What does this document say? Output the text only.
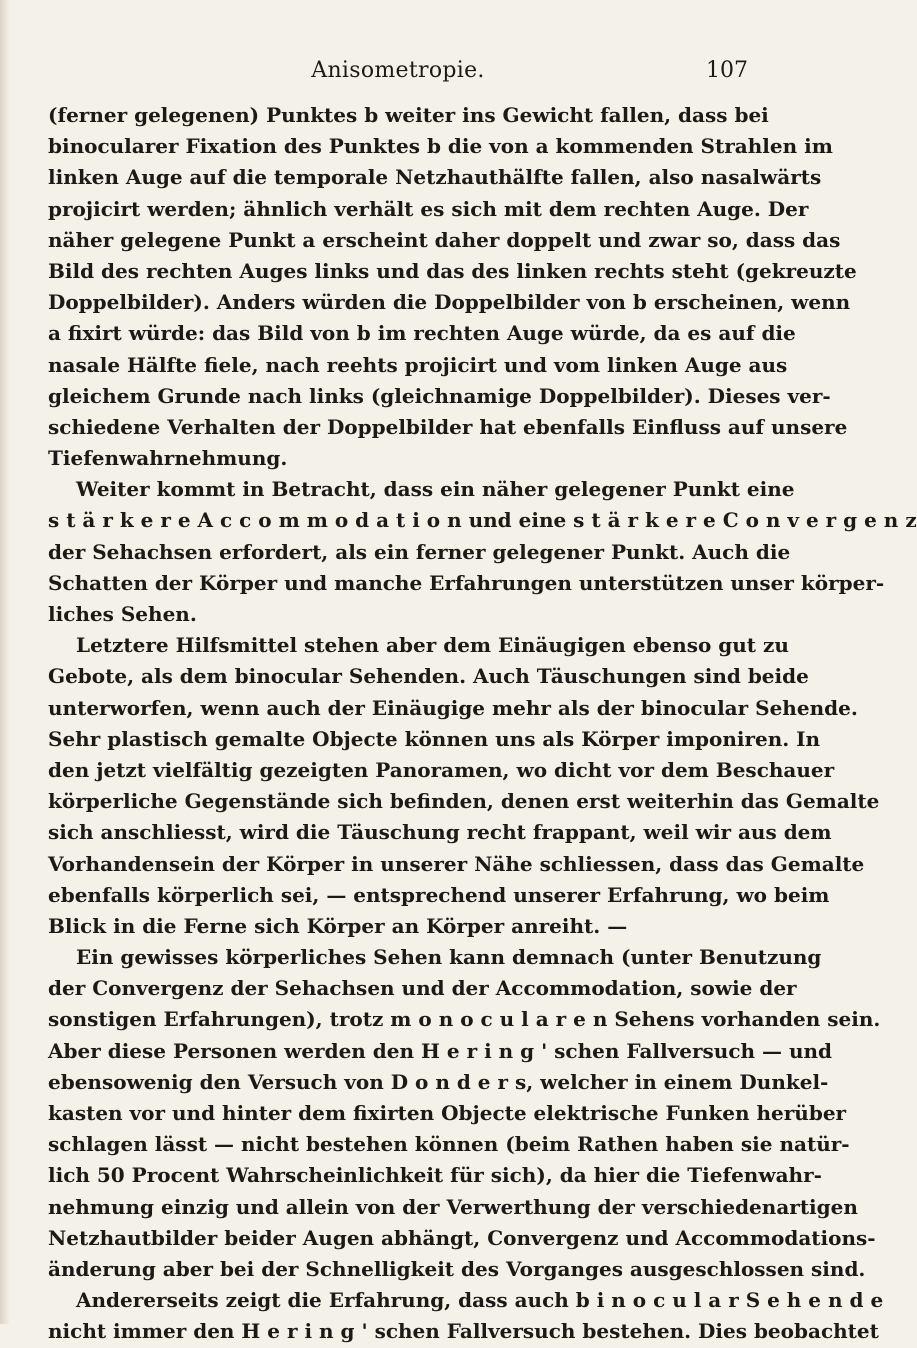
Anisometropie.	107
(ferner gelegenen) Punktes b weiter ins Gewicht fallen, dass bei
binocularer Fixation des Punktes b die von a kommenden Strahlen im
linken Auge auf die temporale Netzhauthälfte fallen, also nasalwärts
projicirt werden; ähnlich verhält es sich mit dem rechten Auge. Der
näher gelegene Punkt a erscheint daher doppelt und zwar so, dass das
Bild des rechten Auges links und das des linken rechts steht (gekreuzte
Doppelbilder). Anders würden die Doppelbilder von b erscheinen, wenn
a fixirt würde: das Bild von b im rechten Auge würde, da es auf die
nasale Hälfte fiele, nach reehts projicirt und vom linken Auge aus
gleichem Grunde nach links (gleichnamige Doppelbilder). Dieses ver-
schiedene Verhalten der Doppelbilder hat ebenfalls Einfluss auf unsere
Tiefenwahrnehmung.
Weiter kommt in Betracht, dass ein näher gelegener Punkt eine
s t ä r k e r e A c c o m m o d a t i o n und eine s t ä r k e r e C o n v e r g e n z
der Sehachsen erfordert, als ein ferner gelegener Punkt. Auch die
Schatten der Körper und manche Erfahrungen unterstützen unser körper-
liches Sehen.
Letztere Hilfsmittel stehen aber dem Einäugigen ebenso gut zu
Gebote, als dem binocular Sehenden. Auch Täuschungen sind beide
unterworfen, wenn auch der Einäugige mehr als der binocular Sehende.
Sehr plastisch gemalte Objecte können uns als Körper imponiren. In
den jetzt vielfältig gezeigten Panoramen, wo dicht vor dem Beschauer
körperliche Gegenstände sich befinden, denen erst weiterhin das Gemalte
sich anschliesst, wird die Täuschung recht frappant, weil wir aus dem
Vorhandensein der Körper in unserer Nähe schliessen, dass das Gemalte
ebenfalls körperlich sei, — entsprechend unserer Erfahrung, wo beim
Blick in die Ferne sich Körper an Körper anreiht. —
Ein gewisses körperliches Sehen kann demnach (unter Benutzung
der Convergenz der Sehachsen und der Accommodation, sowie der
sonstigen Erfahrungen), trotz m o n o c u l a r e n Sehens vorhanden sein.
Aber diese Personen werden den H e r i n g ' schen Fallversuch — und
ebensowenig den Versuch von D o n d e r s, welcher in einem Dunkel-
kasten vor und hinter dem fixirten Objecte elektrische Funken herüber
schlagen lässt — nicht bestehen können (beim Rathen haben sie natür-
lich 50 Procent Wahrscheinlichkeit für sich), da hier die Tiefenwahr-
nehmung einzig und allein von der Verwerthung der verschiedenartigen
Netzhautbilder beider Augen abhängt, Convergenz und Accommodations-
änderung aber bei der Schnelligkeit des Vorganges ausgeschlossen sind.
Andererseits zeigt die Erfahrung, dass auch b i n o c u l a r S e h e n d e
nicht immer den H e r i n g ' schen Fallversuch bestehen. Dies beobachtet
